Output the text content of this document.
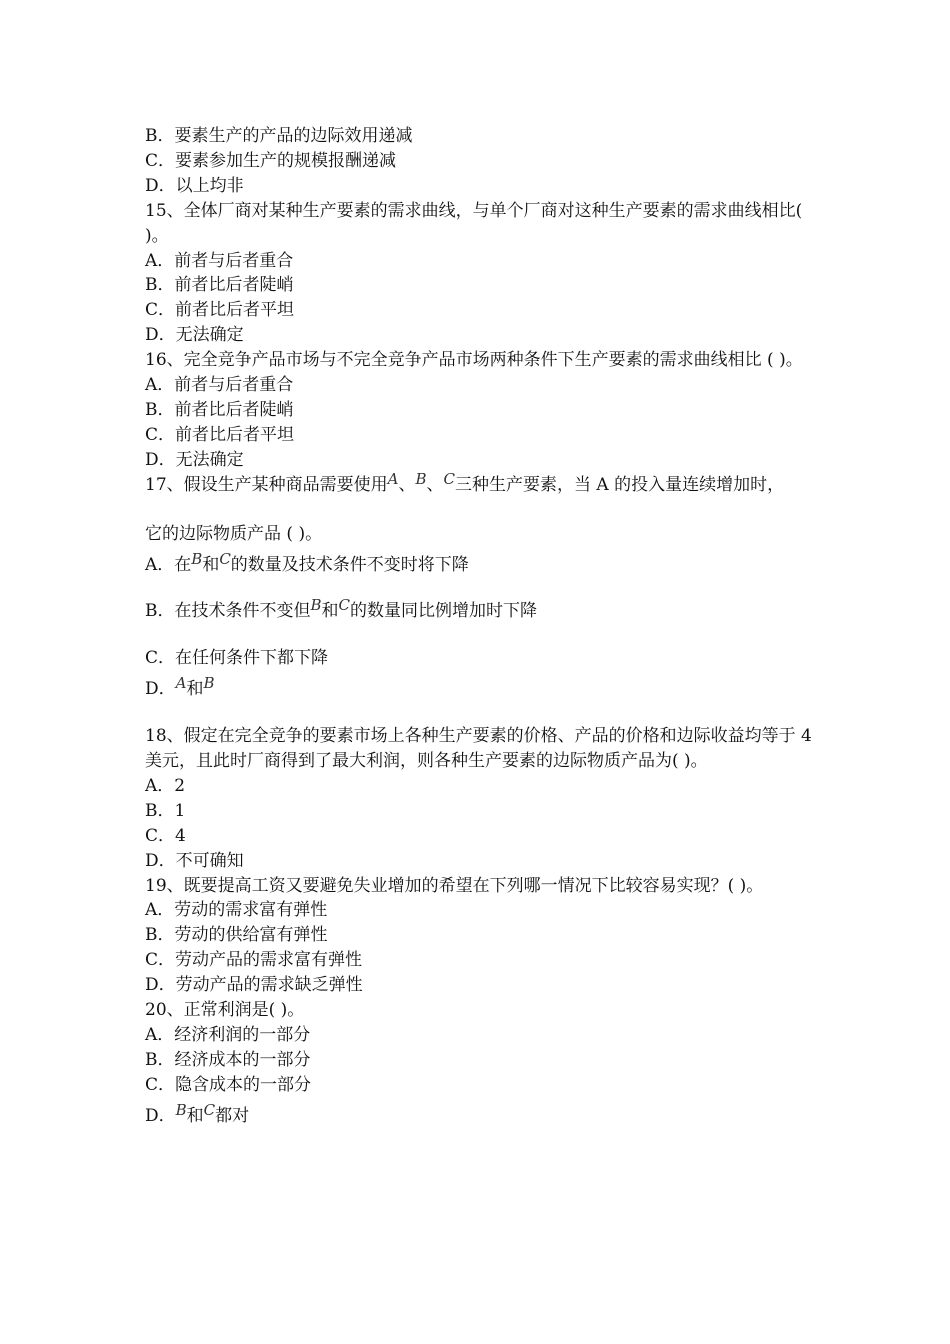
B．要素生产的产品的边际效用递减
C．要素参加生产的规模报酬递减
D．以上均非
15、全体厂商对某种生产要素的需求曲线，与单个厂商对这种生产要素的需求曲线相比( )。
A．前者与后者重合
B．前者比后者陡峭
C．前者比后者平坦
D．无法确定
16、完全竞争产品市场与不完全竞争产品市场两种条件下生产要素的需求曲线相比 ( )。
A．前者与后者重合
B．前者比后者陡峭
C．前者比后者平坦
D．无法确定
17、假设生产某种商品需要使用A、B、C三种生产要素，当 A 的投入量连续增加时，
它的边际物质产品 ( )。
A．在B和C的数量及技术条件不变时将下降
B．在技术条件不变但B和C的数量同比例增加时下降
C．在任何条件下都下降
D．A和B
18、假定在完全竞争的要素市场上各种生产要素的价格、产品的价格和边际收益均等于 4 美元，且此时厂商得到了最大利润，则各种生产要素的边际物质产品为( )。
A．2
B．1
C．4
D．不可确知
19、既要提高工资又要避免失业增加的希望在下列哪一情况下比较容易实现？( )。
A．劳动的需求富有弹性
B．劳动的供给富有弹性
C．劳动产品的需求富有弹性
D．劳动产品的需求缺乏弹性
20、正常利润是( )。
A．经济利润的一部分
B．经济成本的一部分
C．隐含成本的一部分
D．B和C都对
